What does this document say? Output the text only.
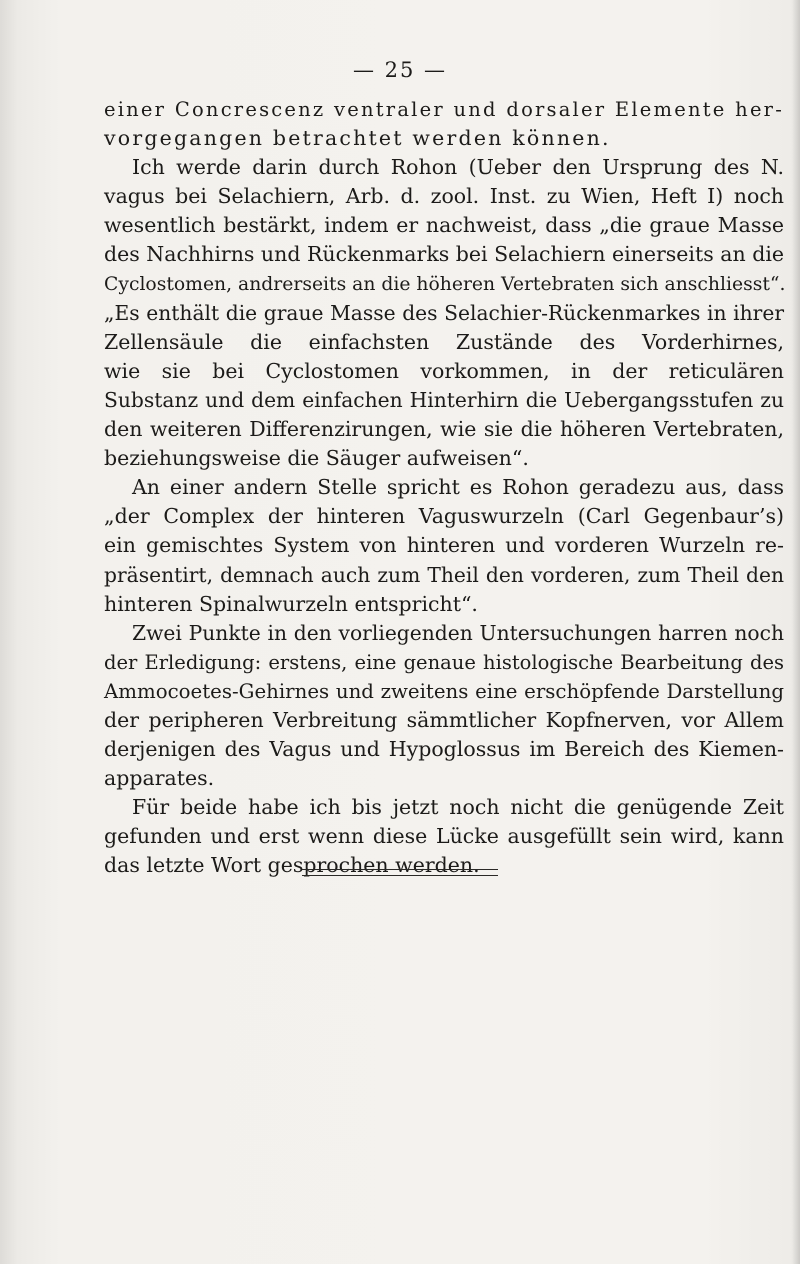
— 25 —
einer Concrescenz ventraler und dorsaler Elemente her-
vorgegangen betrachtet werden können.
Ich werde darin durch Rohon (Ueber den Ursprung des N.
vagus bei Selachiern, Arb. d. zool. Inst. zu Wien, Heft I) noch
wesentlich bestärkt, indem er nachweist, dass „die graue Masse
des Nachhirns und Rückenmarks bei Selachiern einerseits an die
Cyclostomen, andrerseits an die höheren Vertebraten sich anschliesst“.
„Es enthält die graue Masse des Selachier-Rückenmarkes in ihrer
Zellensäule die einfachsten Zustände des Vorderhirnes,
wie sie bei Cyclostomen vorkommen, in der reticulären
Substanz und dem einfachen Hinterhirn die Uebergangsstufen zu
den weiteren Differenzirungen, wie sie die höheren Vertebraten,
beziehungsweise die Säuger aufweisen“.
An einer andern Stelle spricht es Rohon geradezu aus, dass
„der Complex der hinteren Vaguswurzeln (Carl Gegenbaur’s)
ein gemischtes System von hinteren und vorderen Wurzeln re-
präsentirt, demnach auch zum Theil den vorderen, zum Theil den
hinteren Spinalwurzeln entspricht“.
Zwei Punkte in den vorliegenden Untersuchungen harren noch
der Erledigung: erstens, eine genaue histologische Bearbeitung des
Ammocoetes-Gehirnes und zweitens eine erschöpfende Darstellung
der peripheren Verbreitung sämmtlicher Kopfnerven, vor Allem
derjenigen des Vagus und Hypoglossus im Bereich des Kiemen-
apparates.
Für beide habe ich bis jetzt noch nicht die genügende Zeit
gefunden und erst wenn diese Lücke ausgefüllt sein wird, kann
das letzte Wort gesprochen werden.
